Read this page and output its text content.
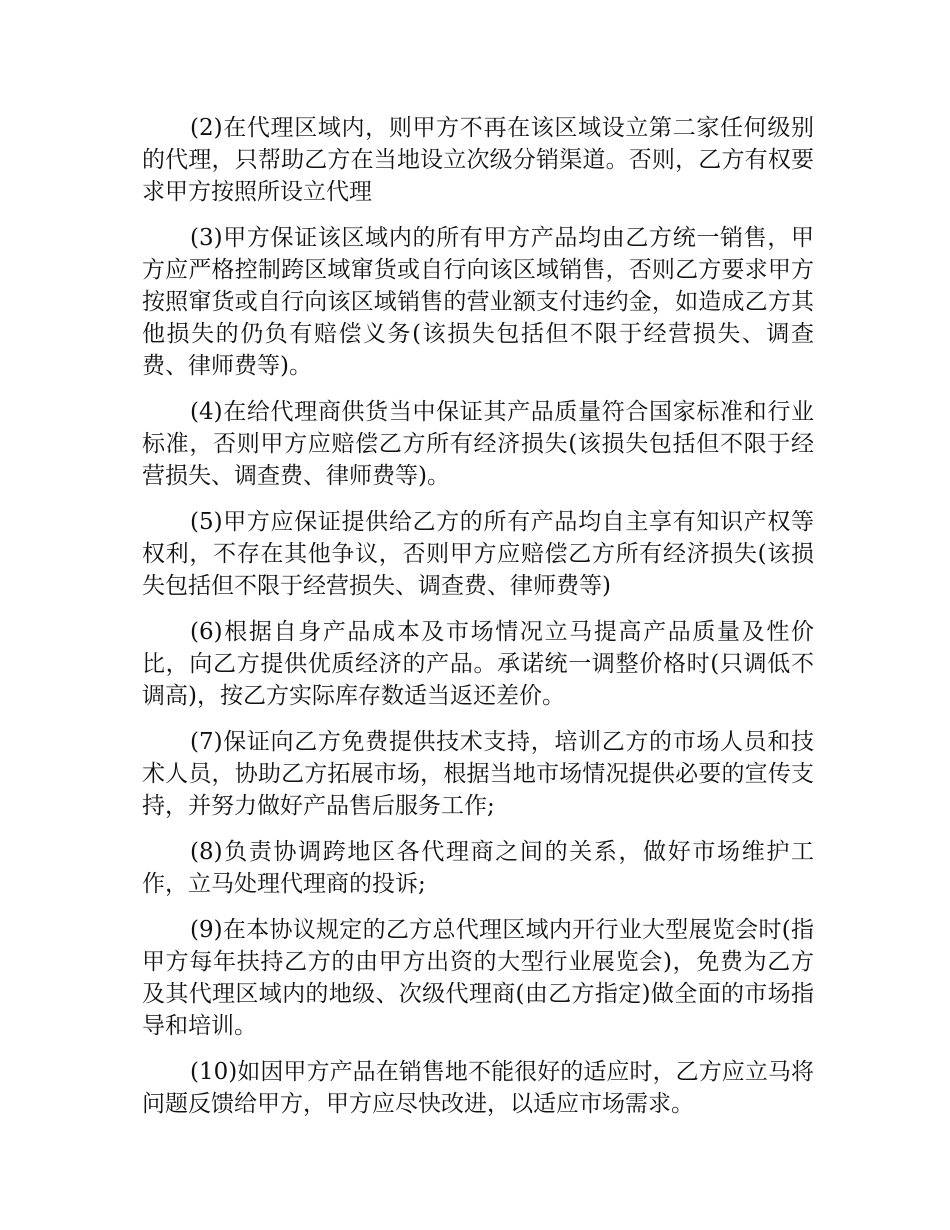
(2)在代理区域内，则甲方不再在该区域设立第二家任何级别的代理，只帮助乙方在当地设立次级分销渠道。否则，乙方有权要求甲方按照所设立代理

(3)甲方保证该区域内的所有甲方产品均由乙方统一销售，甲方应严格控制跨区域窜货或自行向该区域销售，否则乙方要求甲方按照窜货或自行向该区域销售的营业额支付违约金，如造成乙方其他损失的仍负有赔偿义务(该损失包括但不限于经营损失、调查费、律师费等)。

(4)在给代理商供货当中保证其产品质量符合国家标准和行业标准，否则甲方应赔偿乙方所有经济损失(该损失包括但不限于经营损失、调查费、律师费等)。

(5)甲方应保证提供给乙方的所有产品均自主享有知识产权等权利，不存在其他争议，否则甲方应赔偿乙方所有经济损失(该损失包括但不限于经营损失、调查费、律师费等)

(6)根据自身产品成本及市场情况立马提高产品质量及性价比，向乙方提供优质经济的产品。承诺统一调整价格时(只调低不调高)，按乙方实际库存数适当返还差价。

(7)保证向乙方免费提供技术支持，培训乙方的市场人员和技术人员，协助乙方拓展市场，根据当地市场情况提供必要的宣传支持，并努力做好产品售后服务工作;

(8)负责协调跨地区各代理商之间的关系，做好市场维护工作，立马处理代理商的投诉;

(9)在本协议规定的乙方总代理区域内开行业大型展览会时(指甲方每年扶持乙方的由甲方出资的大型行业展览会)，免费为乙方及其代理区域内的地级、次级代理商(由乙方指定)做全面的市场指导和培训。

(10)如因甲方产品在销售地不能很好的适应时，乙方应立马将问题反馈给甲方，甲方应尽快改进，以适应市场需求。
